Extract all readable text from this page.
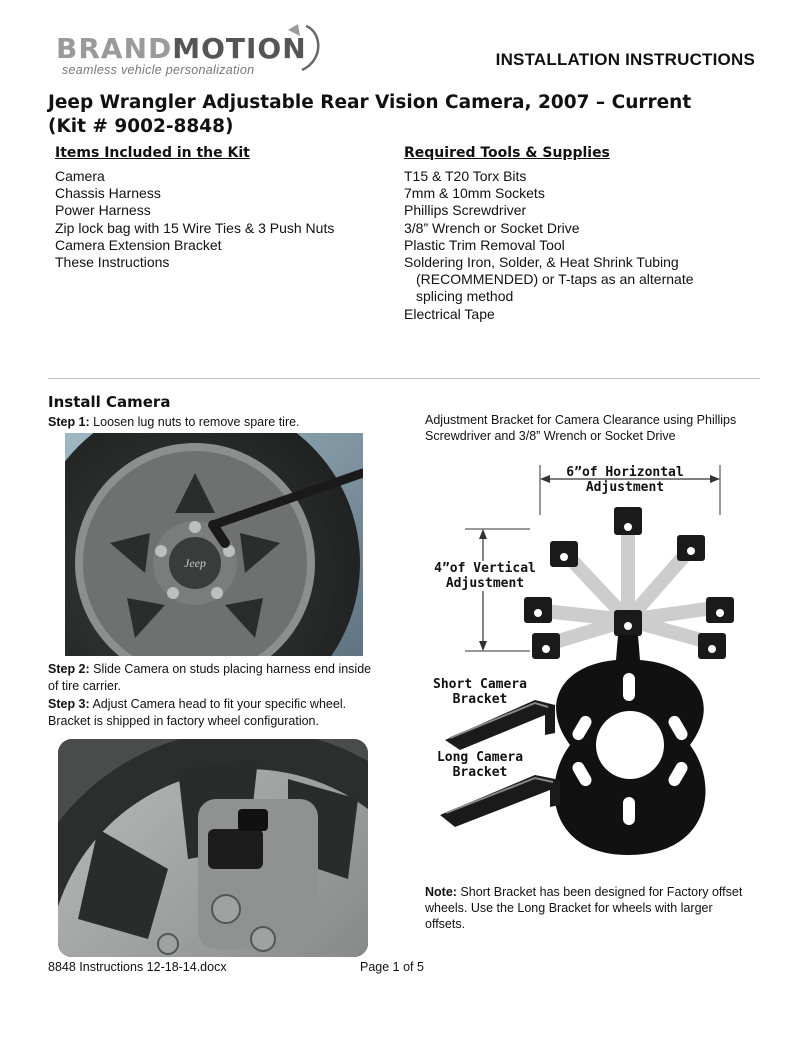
BRANDMOTION
seamless vehicle personalization
INSTALLATION INSTRUCTIONS
Jeep Wrangler Adjustable Rear Vision Camera, 2007 – Current
(Kit # 9002-8848)
Items Included in the Kit
Camera
Chassis Harness
Power Harness
Zip lock bag with 15 Wire Ties & 3 Push Nuts
Camera Extension Bracket
These Instructions
Required Tools & Supplies
T15 & T20 Torx Bits
7mm & 10mm Sockets
Phillips Screwdriver
3/8” Wrench or Socket Drive
Plastic Trim Removal Tool
Soldering Iron, Solder, & Heat Shrink Tubing
(RECOMMENDED) or T-taps as an alternate
splicing method
Electrical Tape
Install Camera
Step 1: Loosen lug nuts to remove spare tire.
Jeep
Step 2: Slide Camera on studs placing harness end inside of tire carrier.
Step 3: Adjust Camera head to fit your specific wheel. Bracket is shipped in factory wheel configuration.
Adjustment Bracket for Camera Clearance using Phillips Screwdriver and 3/8” Wrench or Socket Drive
6”of Horizontal
Adjustment
4”of Vertical
Adjustment
Short Camera
Bracket
Long Camera
Bracket
Note: Short Bracket has been designed for Factory offset wheels. Use the Long Bracket for wheels with larger offsets.
8848 Instructions 12-18-14.docx	Page 1 of 5
